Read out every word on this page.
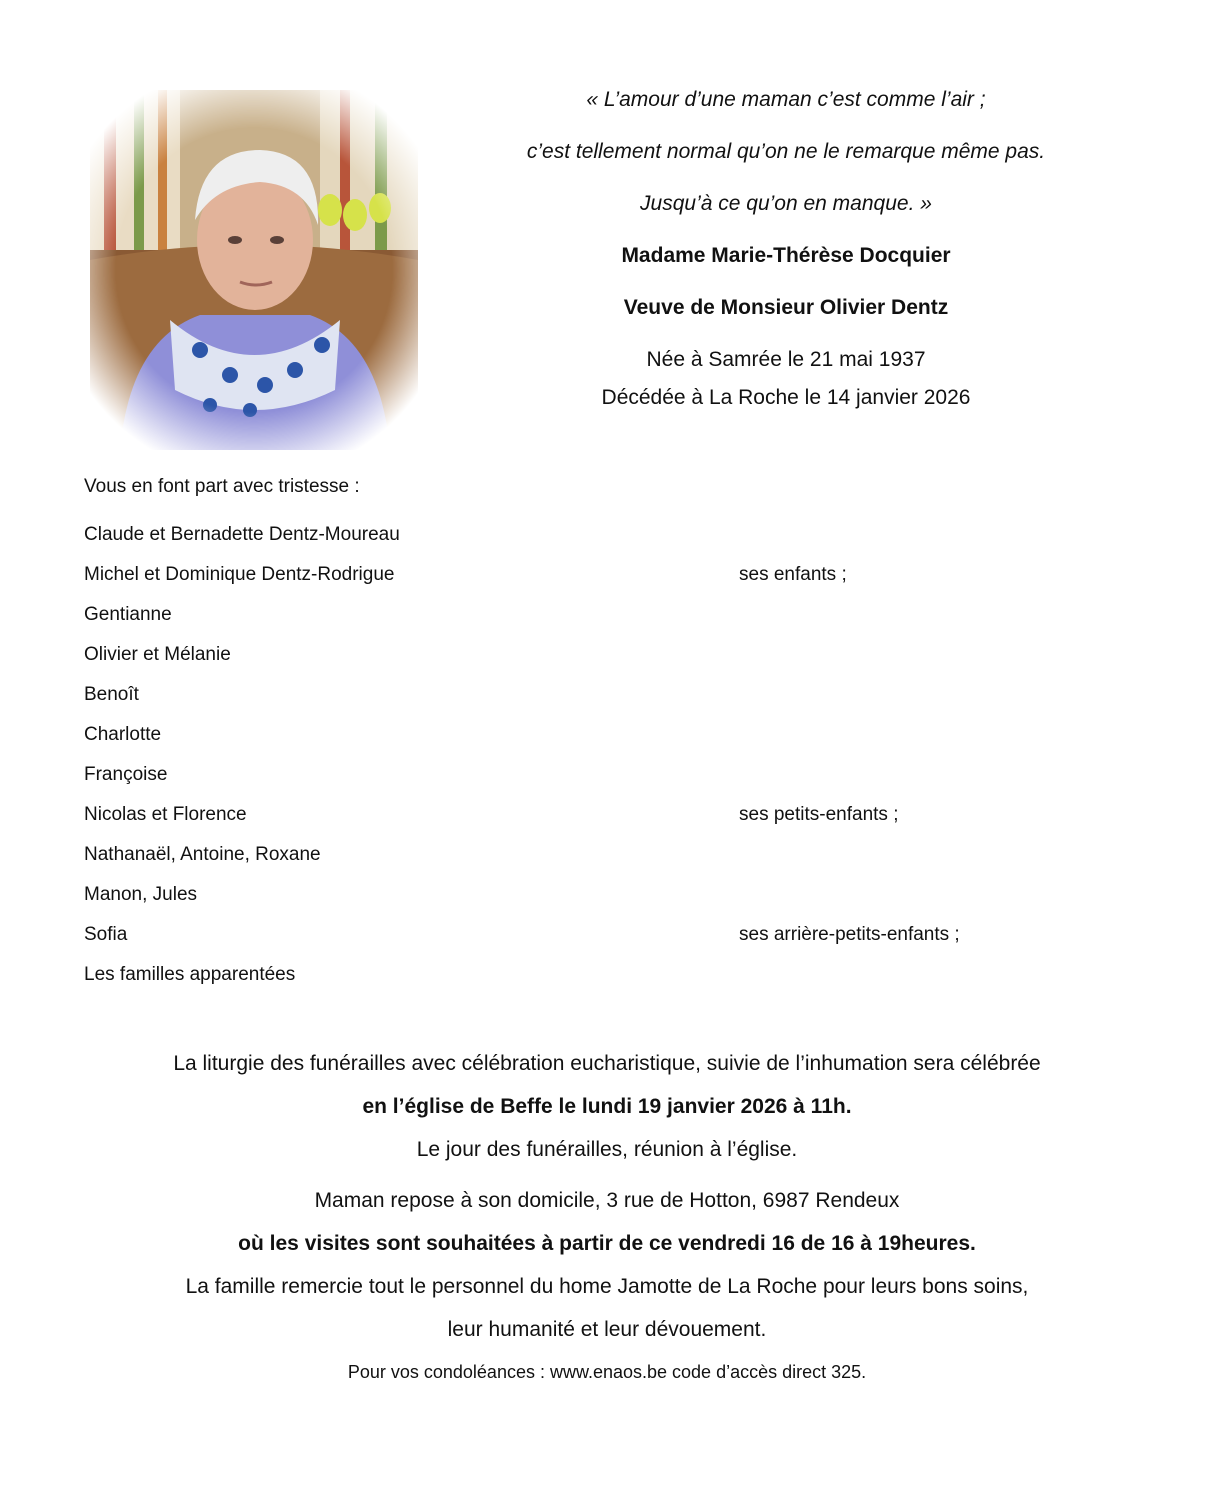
« L’amour d’une maman c’est comme l’air ;
c’est tellement normal qu’on ne le remarque même pas.
Jusqu’à ce qu’on en manque. »
Madame Marie-Thérèse Docquier
Veuve de Monsieur Olivier Dentz
Née à Samrée le 21 mai 1937
Décédée à La Roche le 14 janvier 2026
Vous en font part avec tristesse :
Claude et Bernadette Dentz-Moureau
Michel et Dominique Dentz-Rodrigue	ses enfants ;
Gentianne
Olivier et Mélanie
Benoît
Charlotte
Françoise
Nicolas et Florence	ses petits-enfants ;
Nathanaël, Antoine, Roxane
Manon, Jules
Sofia	ses arrière-petits-enfants ;
Les familles apparentées
La liturgie des funérailles avec célébration eucharistique, suivie de l’inhumation sera célébrée
en l’église de Beffe le lundi 19 janvier 2026 à 11h.
Le jour des funérailles, réunion à l’église.
Maman repose à son domicile, 3 rue de Hotton, 6987 Rendeux
où les visites sont souhaitées à partir de ce vendredi 16 de 16 à 19heures.
La famille remercie tout le personnel du home Jamotte de La Roche pour leurs bons soins,
leur humanité et leur dévouement.
Pour vos condoléances : www.enaos.be code d’accès direct 325.
